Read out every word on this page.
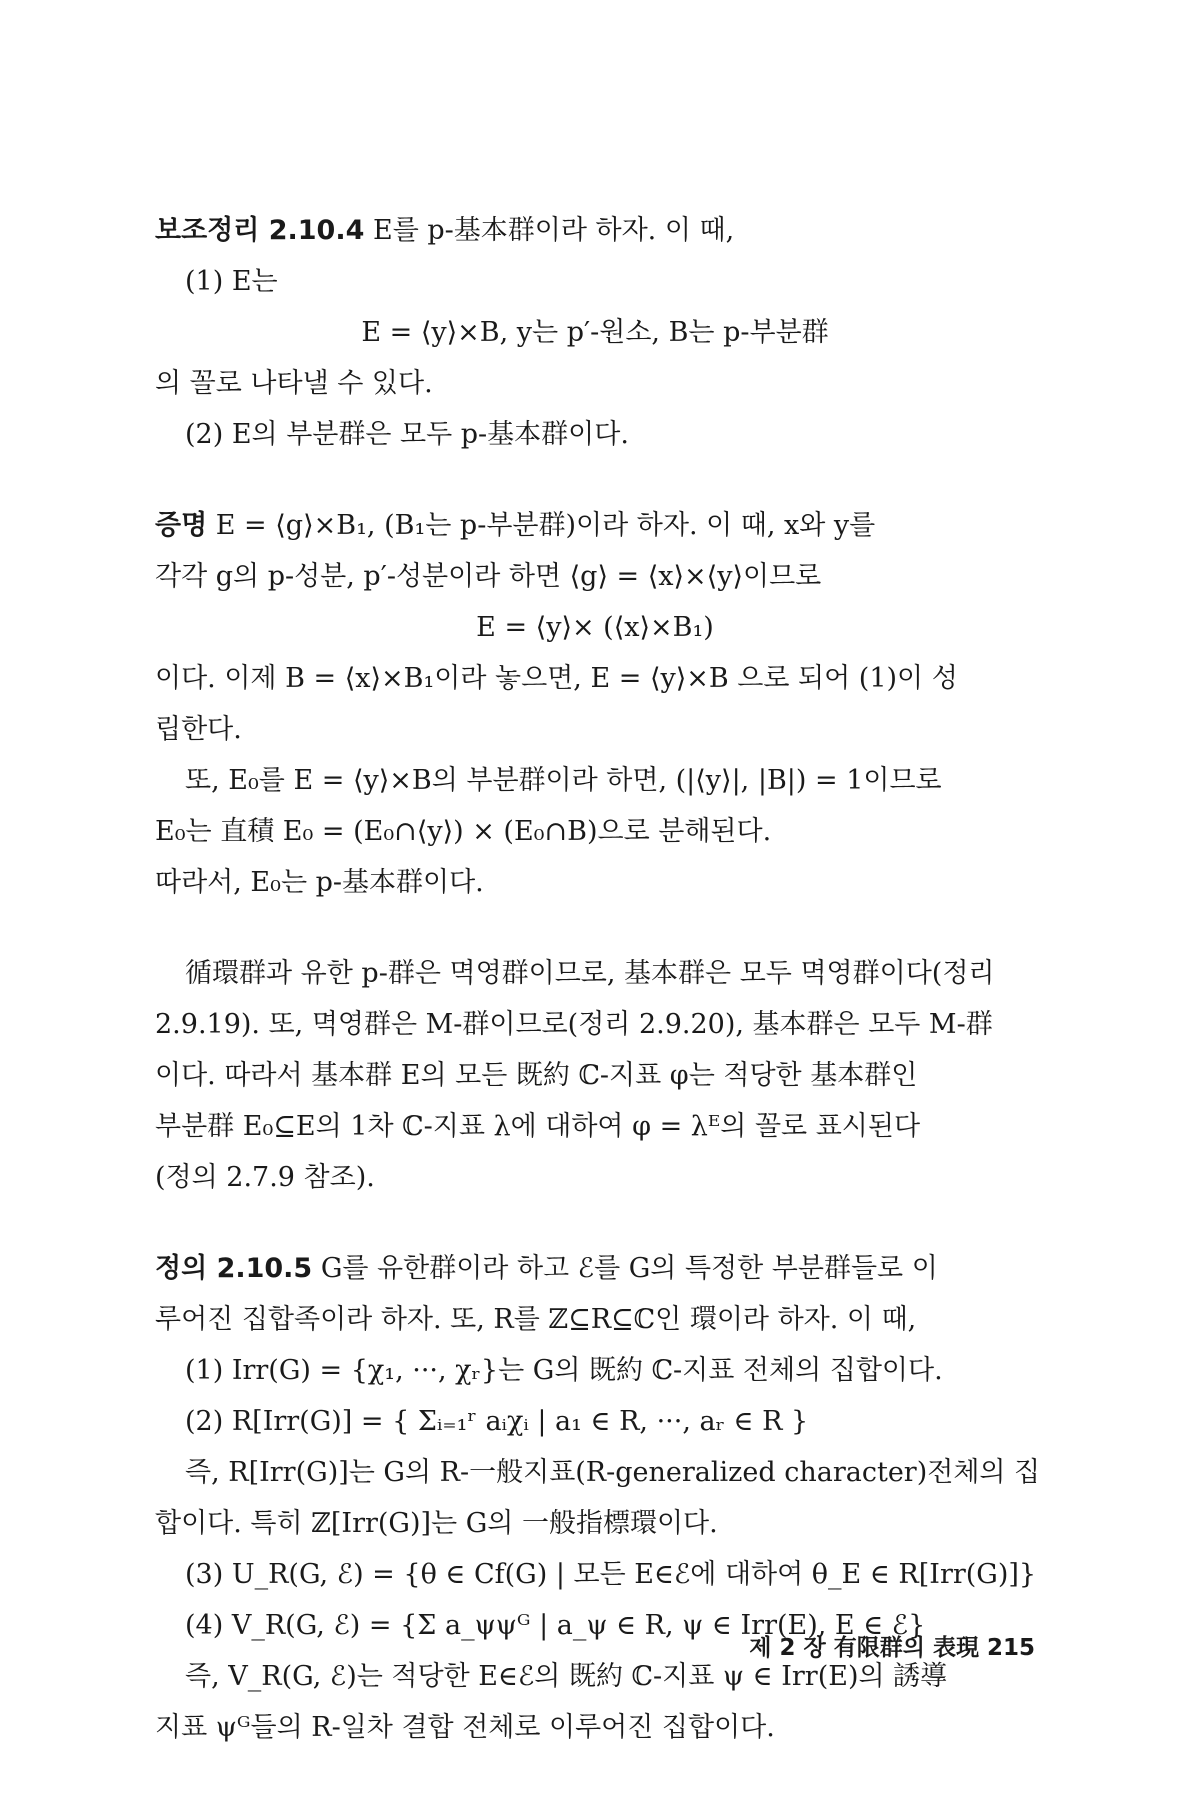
보조정리 2.10.4 E를 p-基本群이라 하자. 이 때,

(1) E는

E = ⟨y⟩×B, y는 p′-원소, B는 p-부분群

의 꼴로 나타낼 수 있다.

(2) E의 부분群은 모두 p-基本群이다.

증명 E = ⟨g⟩×B₁, (B₁는 p-부분群)이라 하자. 이 때, x와 y를

각각 g의 p-성분, p′-성분이라 하면 ⟨g⟩ = ⟨x⟩×⟨y⟩이므로

E = ⟨y⟩× (⟨x⟩×B₁)

이다. 이제 B = ⟨x⟩×B₁이라 놓으면, E = ⟨y⟩×B 으로 되어 (1)이 성

립한다.

또, E₀를 E = ⟨y⟩×B의 부분群이라 하면, (|⟨y⟩|, |B|) = 1이므로

E₀는 直積 E₀ = (E₀∩⟨y⟩) × (E₀∩B)으로 분해된다.

따라서, E₀는 p-基本群이다.

循環群과 유한 p-群은 멱영群이므로, 基本群은 모두 멱영群이다(정리

2.9.19). 또, 멱영群은 M-群이므로(정리 2.9.20), 基本群은 모두 M-群

이다. 따라서 基本群 E의 모든 既約 ℂ-지표 φ는 적당한 基本群인

부분群 E₀⊆E의 1차 ℂ-지표 λ에 대하여 φ = λᴱ의 꼴로 표시된다

(정의 2.7.9 참조).

정의 2.10.5 G를 유한群이라 하고 ℰ를 G의 특정한 부분群들로 이

루어진 집합족이라 하자. 또, R를 ℤ⊆R⊆ℂ인 環이라 하자. 이 때,

(1) Irr(G) = {χ₁, ···, χᵣ}는 G의 既約 ℂ-지표 전체의 집합이다.

(2) R[Irr(G)] = { Σᵢ₌₁ʳ aᵢχᵢ | a₁ ∈ R, ···, aᵣ ∈ R }

즉, R[Irr(G)]는 G의 R-一般지표(R-generalized character)전체의 집

합이다. 특히 ℤ[Irr(G)]는 G의 一般指標環이다.

(3) U_R(G, ℰ) = {θ ∈ Cf(G) | 모든 E∈ℰ에 대하여 θ_E ∈ R[Irr(G)]}

(4) V_R(G, ℰ) = {Σ a_ψψᴳ | a_ψ ∈ R, ψ ∈ Irr(E), E ∈ ℰ}

즉, V_R(G, ℰ)는 적당한 E∈ℰ의 既約 ℂ-지표 ψ ∈ Irr(E)의 誘導

지표 ψᴳ들의 R-일차 결합 전체로 이루어진 집합이다.

제 2 장 有限群의 表現 215
